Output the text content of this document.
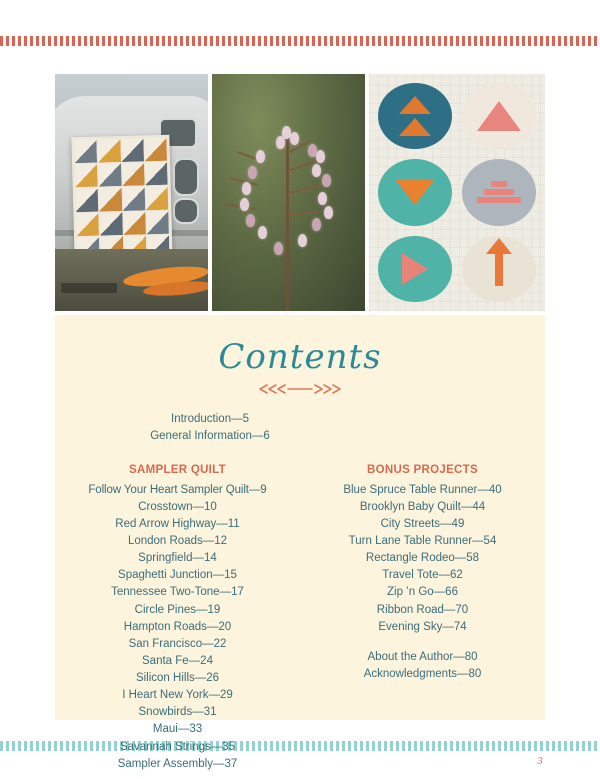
Contents
Introduction—5
General Information—6
SAMPLER QUILT
Follow Your Heart Sampler Quilt—9
Crosstown—10
Red Arrow Highway—11
London Roads—12
Springfield—14
Spaghetti Junction—15
Tennessee Two-Tone—17
Circle Pines—19
Hampton Roads—20
San Francisco—22
Santa Fe—24
Silicon Hills—26
I Heart New York—29
Snowbirds—31
Maui—33
Savannah Strings—35
Sampler Assembly—37
BONUS PROJECTS
Blue Spruce Table Runner—40
Brooklyn Baby Quilt—44
City Streets—49
Turn Lane Table Runner—54
Rectangle Rodeo—58
Travel Tote—62
Zip ’n Go—66
Ribbon Road—70
Evening Sky—74
About the Author—80
Acknowledgments—80
3
